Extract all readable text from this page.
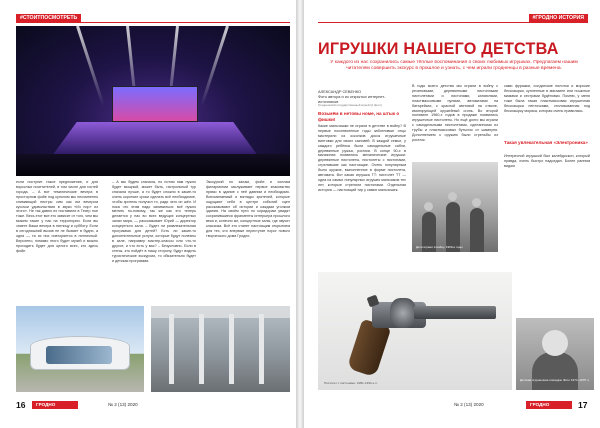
#СТОИТПОСМОТРЕТЬ
если поступит такое предложение, и для взрослых посетителей, в том числе для гостей города. – А вот тематические вечера в просторном фойе под куполом мы несомненно снимающий пестры сим как им вечером кусочки удовольствия в звуки «Из пор» из этого». Не так давно их поставили в Театр ное тоже. Весь этот все это зависит от того, чем мы можем такие у нас на территории. Если вы знаете Ваши вечера в пятницу и субботу. Если в сегодняшний вызов не не бывает в будни, а одна — та из них повторяется в пятничный. Вероятно, помимо этого будет музей и можно проходить будет для целого всех, кто здесь фойе.
– А мы будем сначала, но потом нам нужно будет мощный, может быть, гастрольный тур сначала лучше, а то будет сложно в какие-то очень короткие сроки сделать всё необходимое, чтобы зритель получил то, ради чего он шёл. И пока что этим надо заниматься: всё нужно менять по-новому, так же как это теперь делается у нас во всех ведущих концертных залах мира, — рассказывает Юрий — директор концертного зала. – Будет ли развлекательная программа для детей? Есть ли какие-то дополнительные услуги, которые будут полезны в зале, например мастер-классы или что-то другое, и что есть у вас? – Безусловно. Если в стены, кто пойдёт в нашу сторону, будут водить туристические экскурсии, то обязательно будет и детская программа.
Экскурсий по залам, фойе и холлам филармонии заслуживает первое знакомство прямо в здание с неё давним и необходимо. Вспоминаемый и взгляды зрителей, которые ощущают себя в центре событий сцен рассказывают об истории и каждым уголком здания. На своём пути по коридорам увидят сохранившиеся фрагменты интерьера прошлого века и, конечно же, концертные залы, где звучит классика. Всё это станет настоящим открытием для тех, кто впервые переступит порог нового творческого дома Гродно.
16	ГРОДНО	№ 2 (13) 2020
#ГРОДНО ИСТОРИЯ
ИГРУШКИ НАШЕГО ДЕТСТВА
У каждого из нас сохранились самые тёплые воспоминания о своих любимых игрушках. Предлагаем нашим читателям совершить экскурс в прошлое и узнать, с чем играли гродненцы в разные времена.
АЛЕКСАНДР СЕВЕНКО
Фото автора и из открытых интернет-источников
Гродненский государственный музей (2 фото)
Возьмём в нетовы номе, на штык о фишки!
Какие мальчишки не играли в детстве в войну? В первые послевоенные годы заботливые отцы мастерили из осколков досок игрушечные винтовки для своих сыновей. В каждой семье, у каждого ребёнка были самодельные сабли, деревянные ружья, рогатки. В конце 50-х в магазинах появились механические игрушки: деревянные пистолеты, пистолеты с пистонами, стрелявшие как настоящие. Очень популярным было оружие, выполненное в форме пистолета, автомата. Вот какая игрушка ТТ: пистолет ТТ — одна из самых популярных игрушек мальчиков тех лет, которые стреляли пистонами. Отдельная история — настоящий тир у самих мальчишек.
В годы моего детства мы играли в войну с резиновыми, деревянными пистонными пистолетами и пистонами, капсюлями, пластмассовыми пулями, автоматами на батарейках, с красной световой на стволе, имитирующей оружейный огонь. Во второй половине 1960-х годов в продаже появились игрушечные пистолеты. Но ещё долго мы играли с самодельными пистолетами, сделанными из трубы и пластмассовых бутылок от шампуня. Дополнением к оружию были стрельбы из рогаток.
Дети играют в войну. 1960-е годы
сами фуражки, солдатские пилотки и морские бескозырки, купленные в магазине или пошитые мамами и сестрами будёновки. Помню, у меня тоже была такая пластмассовая игрушечная бескозырка ленточками, стилизованная под бескозырку моряка, которая очень нравилась.
Такая увлекательная «Электроника»
Интересной игрушкой был калейдоскоп, который правда, очень быстро надоедал. Более ранним видом
Пистолет с пистонами. 1980–1990-е гг.
Детская игрушечная лошадка. Фото 1974–1975 гг.
№ 2 (13) 2020	ГРОДНО	17
